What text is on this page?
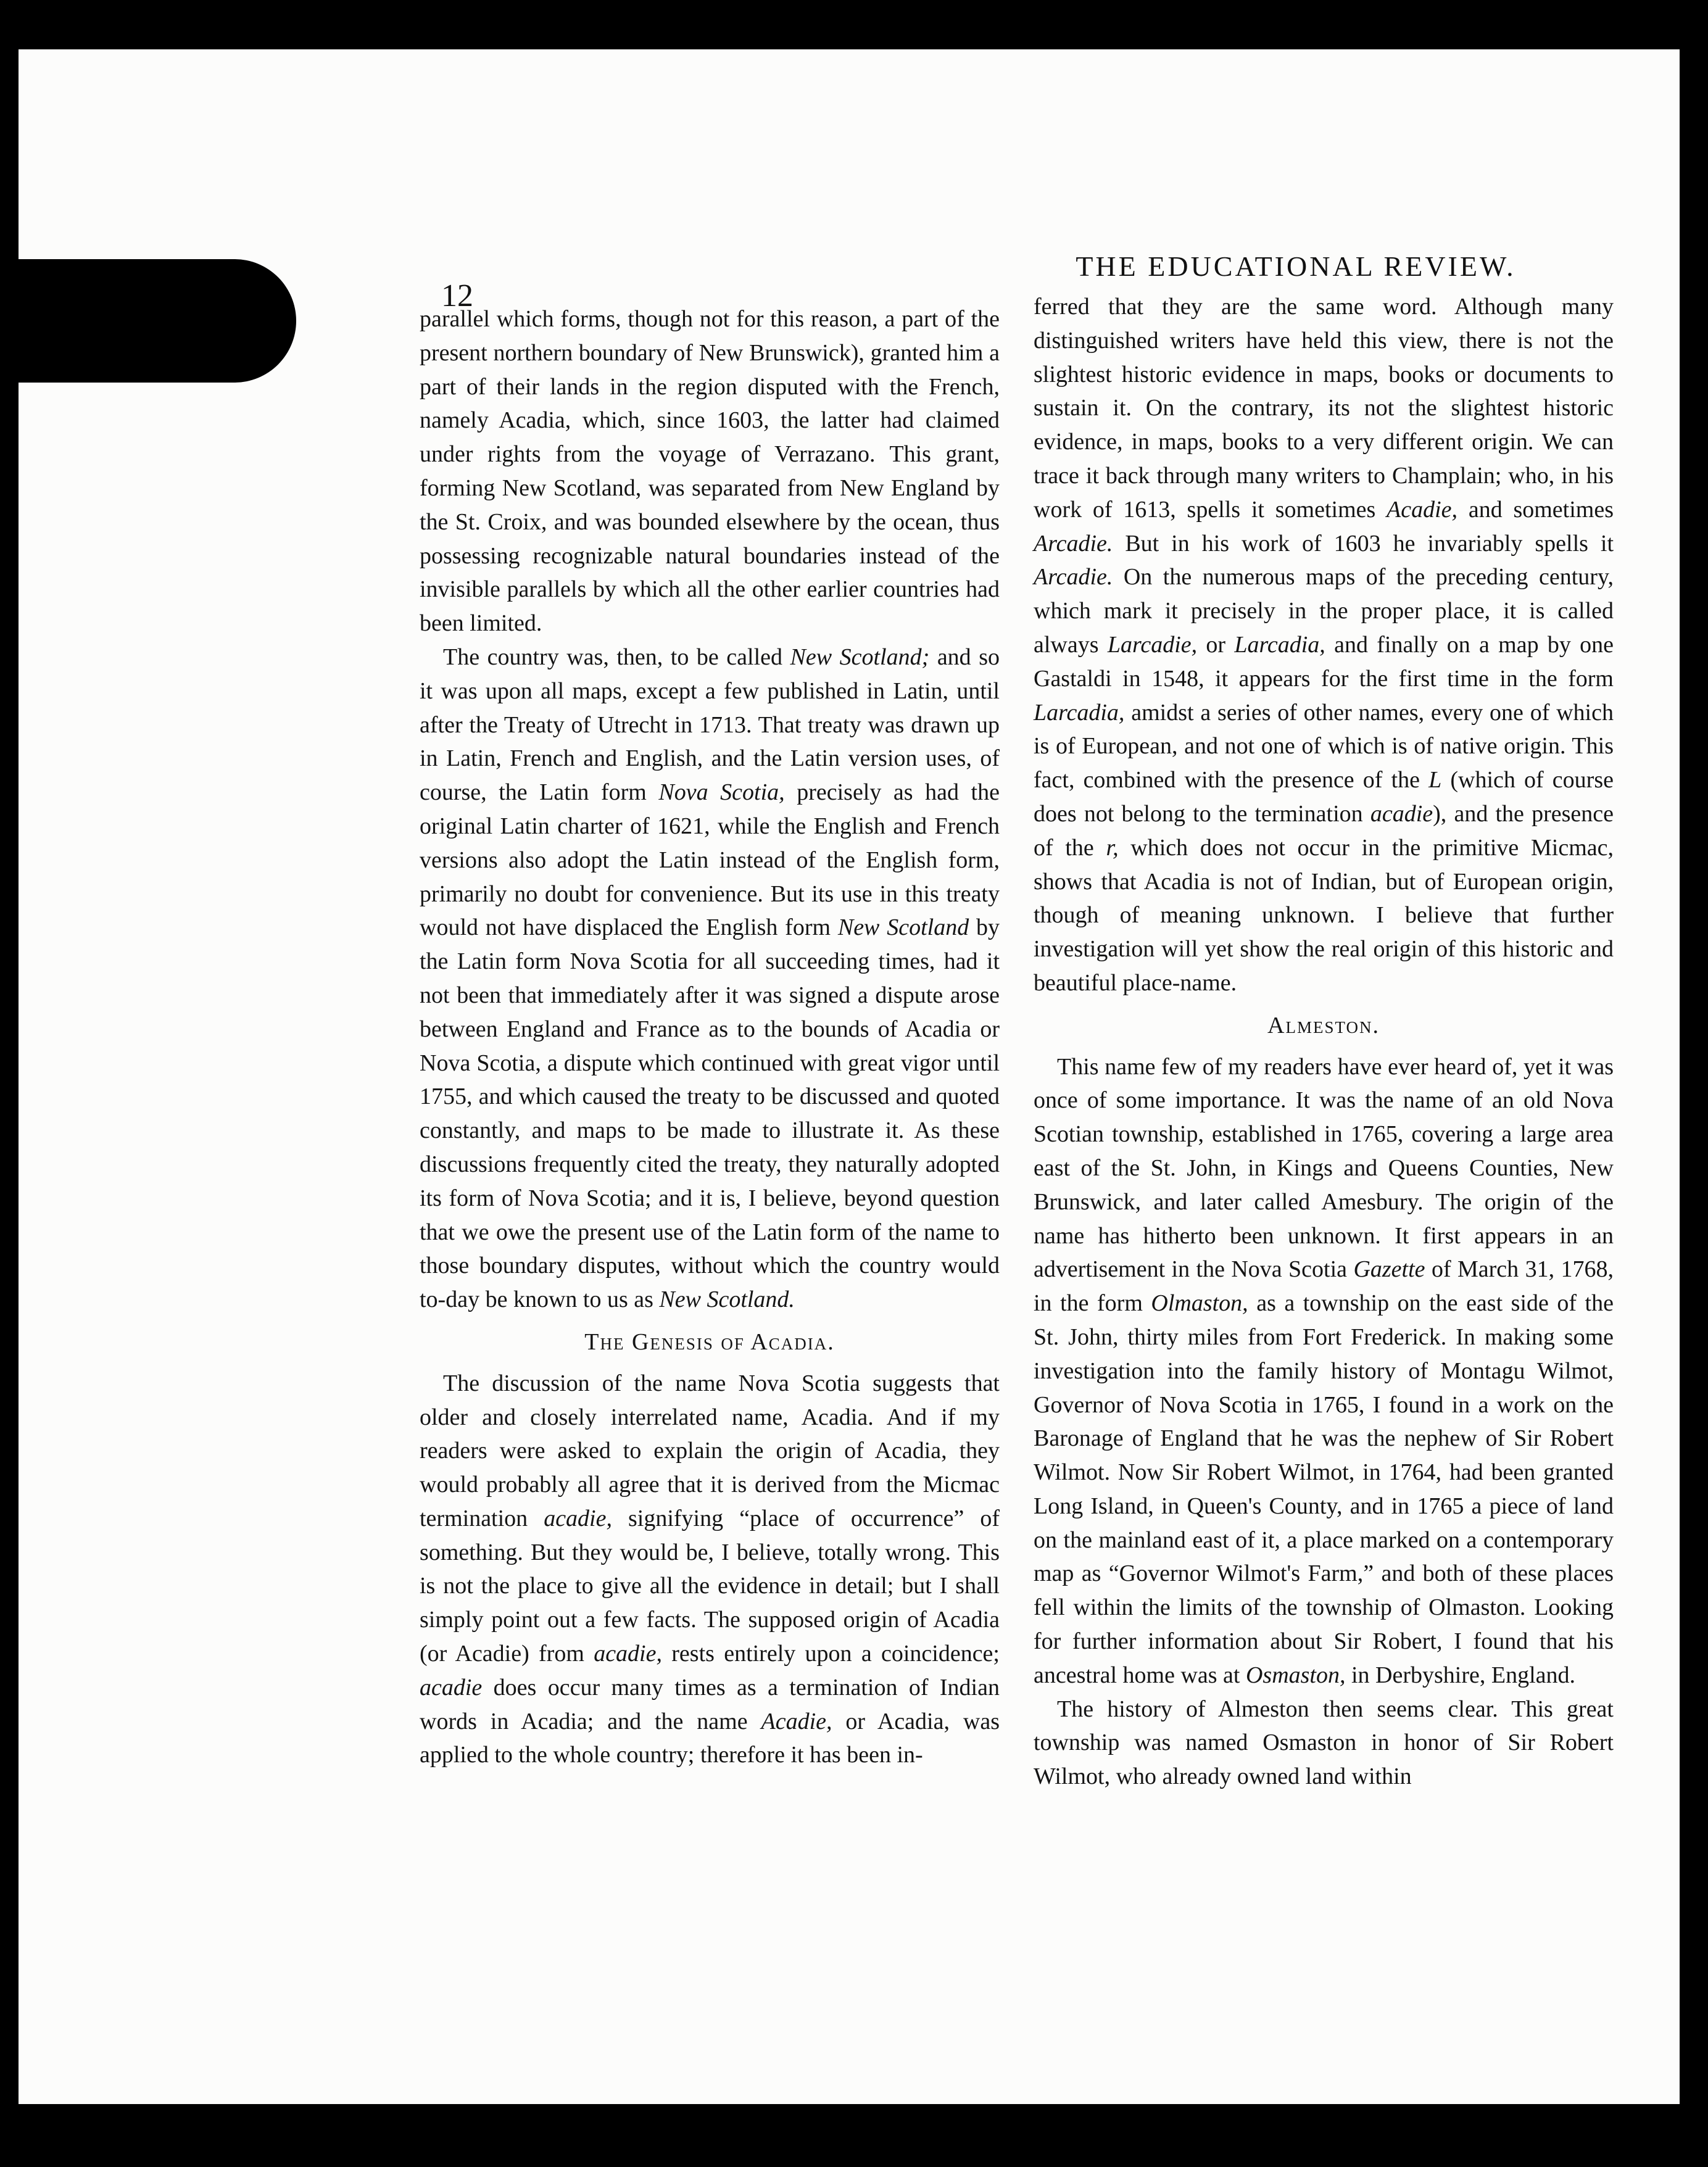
12
THE EDUCATIONAL REVIEW.

parallel which forms, though not for this reason, a part of the present northern boundary of New Brunswick), granted him a part of their lands in the region disputed with the French, namely Acadia, which, since 1603, the latter had claimed under rights from the voyage of Verrazano. This grant, forming New Scotland, was separated from New England by the St. Croix, and was bounded elsewhere by the ocean, thus possessing recognizable natural boundaries instead of the invisible parallels by which all the other earlier countries had been limited.

The country was, then, to be called New Scotland; and so it was upon all maps, except a few published in Latin, until after the Treaty of Utrecht in 1713. That treaty was drawn up in Latin, French and English, and the Latin version uses, of course, the Latin form Nova Scotia, precisely as had the original Latin charter of 1621, while the English and French versions also adopt the Latin instead of the English form, primarily no doubt for convenience. But its use in this treaty would not have displaced the English form New Scotland by the Latin form Nova Scotia for all succeeding times, had it not been that immediately after it was signed a dispute arose between England and France as to the bounds of Acadia or Nova Scotia, a dispute which continued with great vigor until 1755, and which caused the treaty to be discussed and quoted constantly, and maps to be made to illustrate it. As these discussions frequently cited the treaty, they naturally adopted its form of Nova Scotia; and it is, I believe, beyond question that we owe the present use of the Latin form of the name to those boundary disputes, without which the country would to-day be known to us as New Scotland.

The Genesis of Acadia.

The discussion of the name Nova Scotia suggests that older and closely interrelated name, Acadia. And if my readers were asked to explain the origin of Acadia, they would probably all agree that it is derived from the Micmac termination acadie, signifying “place of occurrence” of something. But they would be, I believe, totally wrong. This is not the place to give all the evidence in detail; but I shall simply point out a few facts. The supposed origin of Acadia (or Acadie) from acadie, rests entirely upon a coincidence; acadie does occur many times as a termination of Indian words in Acadia; and the name Acadie, or Acadia, was applied to the whole country; therefore it has been in-

ferred that they are the same word. Although many distinguished writers have held this view, there is not the slightest historic evidence in maps, books or documents to sustain it. On the contrary, its not the slightest historic evidence, in maps, books to a very different origin. We can trace it back through many writers to Champlain; who, in his work of 1613, spells it sometimes Acadie, and sometimes Arcadie. But in his work of 1603 he invariably spells it Arcadie. On the numerous maps of the preceding century, which mark it precisely in the proper place, it is called always Larcadie, or Larcadia, and finally on a map by one Gastaldi in 1548, it appears for the first time in the form Larcadia, amidst a series of other names, every one of which is of European, and not one of which is of native origin. This fact, combined with the presence of the L (which of course does not belong to the termination acadie), and the presence of the r, which does not occur in the primitive Micmac, shows that Acadia is not of Indian, but of European origin, though of meaning unknown. I believe that further investigation will yet show the real origin of this historic and beautiful place-name.

Almeston.

This name few of my readers have ever heard of, yet it was once of some importance. It was the name of an old Nova Scotian township, established in 1765, covering a large area east of the St. John, in Kings and Queens Counties, New Brunswick, and later called Amesbury. The origin of the name has hitherto been unknown. It first appears in an advertisement in the Nova Scotia Gazette of March 31, 1768, in the form Olmaston, as a township on the east side of the St. John, thirty miles from Fort Frederick. In making some investigation into the family history of Montagu Wilmot, Governor of Nova Scotia in 1765, I found in a work on the Baronage of England that he was the nephew of Sir Robert Wilmot. Now Sir Robert Wilmot, in 1764, had been granted Long Island, in Queen's County, and in 1765 a piece of land on the mainland east of it, a place marked on a contemporary map as “Governor Wilmot's Farm,” and both of these places fell within the limits of the township of Olmaston. Looking for further information about Sir Robert, I found that his ancestral home was at Osmaston, in Derbyshire, England.

The history of Almeston then seems clear. This great township was named Osmaston in honor of Sir Robert Wilmot, who already owned land within
